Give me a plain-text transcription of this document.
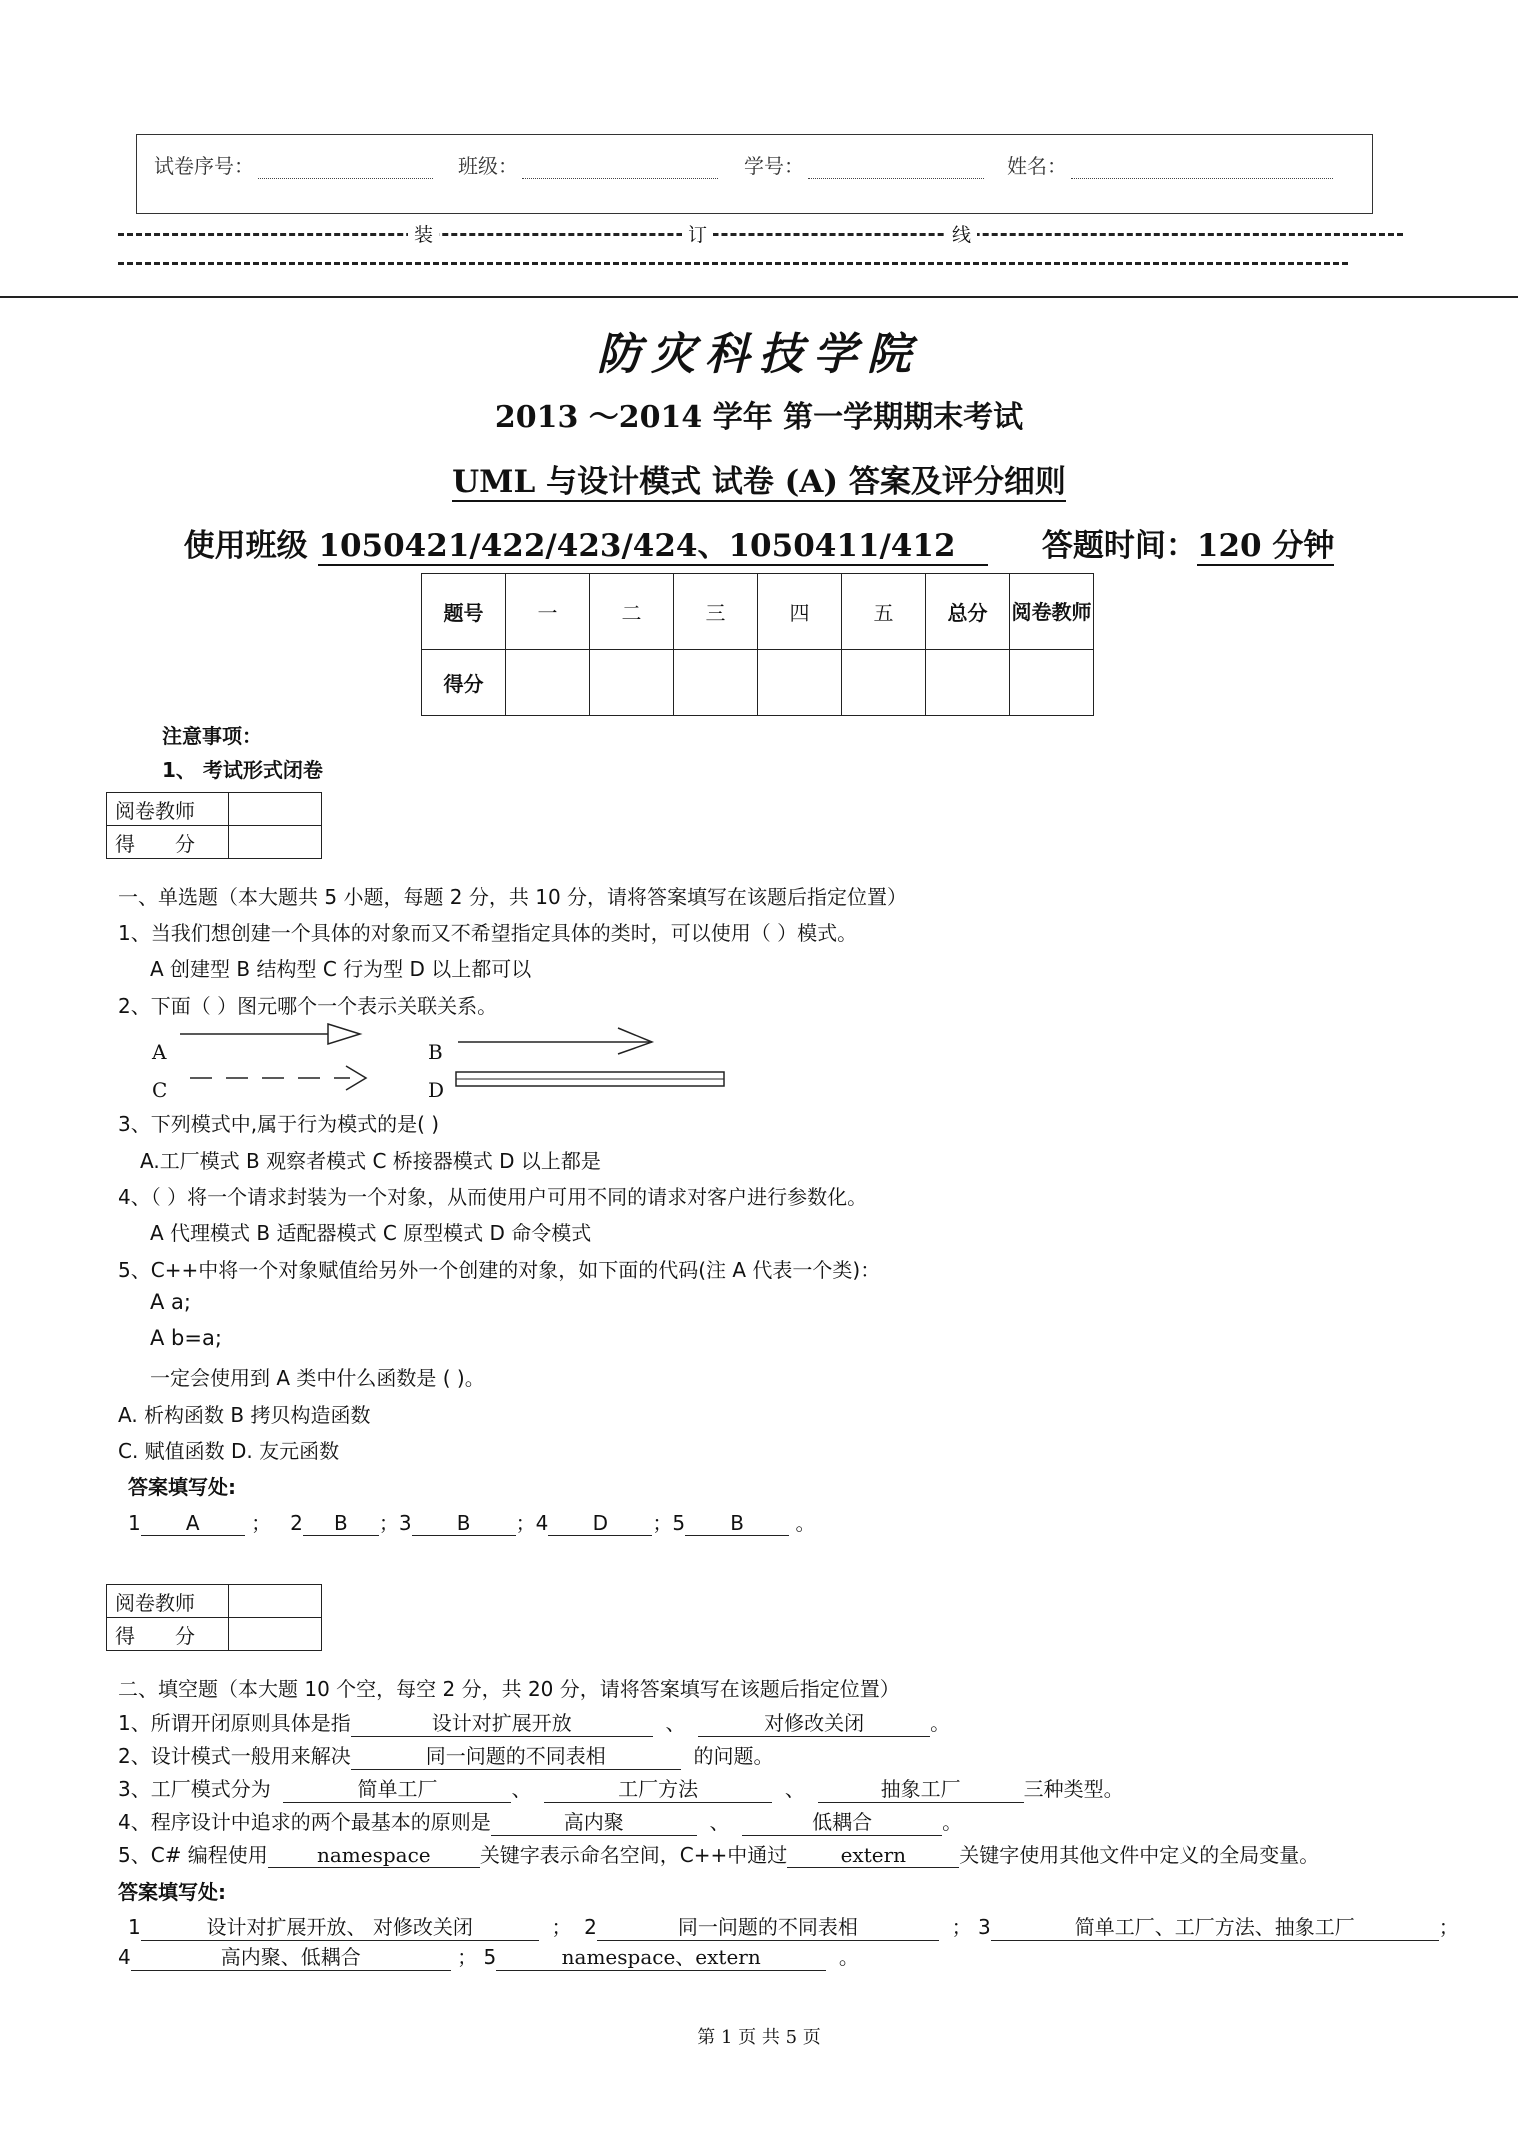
试卷序号：	班级：	学号：	姓名：
装	订	线
防灾科技学院
2013 ～2014 学年 第一学期期末考试
UML 与设计模式 试卷 (A) 答案及评分细则
使用班级 1050421/422/423/424、1050411/412	答题时间：120 分钟
题号	一	二	三	四	五	总分	阅卷教师
得分							
注意事项：
1、 考试形式闭卷
阅卷教师	
得　　分	
一、单选题（本大题共 5 小题，每题 2 分，共 10 分，请将答案填写在该题后指定位置）
1、当我们想创建一个具体的对象而又不希望指定具体的类时，可以使用（ ）模式。
A 创建型 B 结构型 C 行为型 D 以上都可以
2、下面（ ）图元哪个一个表示关联关系。
A	B
C	D
3、下列模式中,属于行为模式的是( )
A.工厂模式 B 观察者模式 C 桥接器模式 D 以上都是
4、（ ）将一个请求封装为一个对象，从而使用户可用不同的请求对客户进行参数化。
A 代理模式 B 适配器模式 C 原型模式 D 命令模式
5、C++中将一个对象赋值给另外一个创建的对象，如下面的代码(注 A 代表一个类)：
A a;
A b=a;
一定会使用到 A 类中什么函数是 ( )。
A. 析构函数 B 拷贝构造函数
C. 赋值函数 D. 友元函数
答案填写处:
1 A ； 2 B ；3 B ；4 D ；5 B 。
阅卷教师	
得　　分	
二、填空题（本大题 10 个空，每空 2 分，共 20 分，请将答案填写在该题后指定位置）
1、所谓开闭原则具体是指	设计对扩展开放	、	对修改关闭	。
2、设计模式一般用来解决	同一问题的不同表相	的问题。
3、工厂模式分为	简单工厂	、	工厂方法	、	抽象工厂	三种类型。
4、程序设计中追求的两个最基本的原则是	高内聚	、	低耦合	。
5、C# 编程使用 namespace 关键字表示命名空间，C++中通过	extern	关键字使用其他文件中定义的全局变量。
答案填写处:
1	设计对扩展开放、 对修改关闭	； 2	同一问题的不同表相	； 3	简单工厂、工厂方法、抽象工厂	；
4	高内聚、低耦合	； 5	namespace、extern	。
第 1 页 共 5 页
